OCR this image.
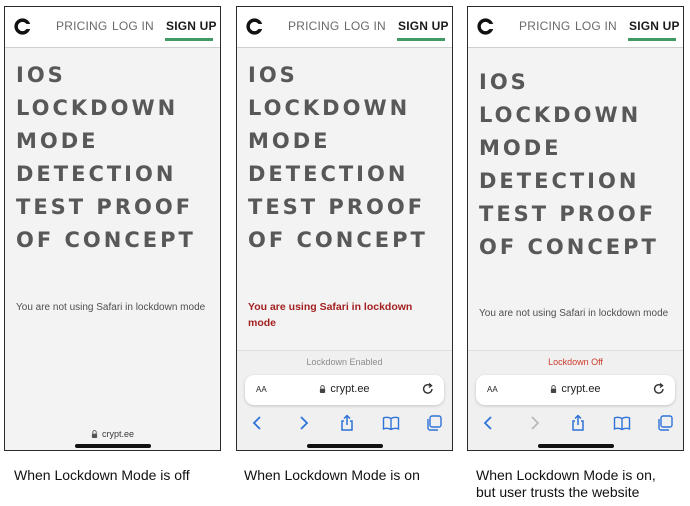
PRICING LOG IN SIGN UP
IOS
LOCKDOWN
MODE
DETECTION
TEST PROOF
OF CONCEPT
You are not using Safari in lockdown mode
crypt.ee
PRICING LOG IN SIGN UP
IOS
LOCKDOWN
MODE
DETECTION
TEST PROOF
OF CONCEPT
You are using Safari in lockdown mode
Lockdown Enabled
AA	crypt.ee
PRICING LOG IN SIGN UP
IOS
LOCKDOWN
MODE
DETECTION
TEST PROOF
OF CONCEPT
You are not using Safari in lockdown mode
Lockdown Off
AA	crypt.ee
When Lockdown Mode is off	When Lockdown Mode is on	When Lockdown Mode is on,
but user trusts the website
